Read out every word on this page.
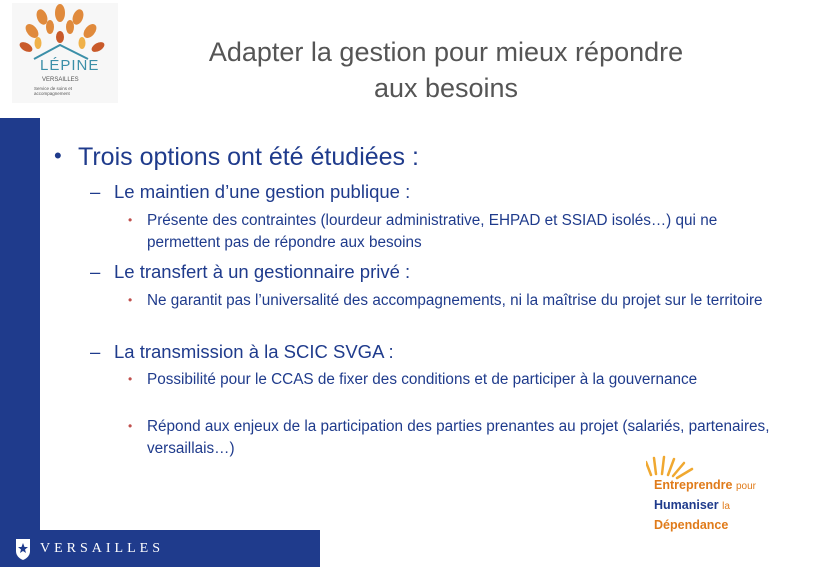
LÉPINE
VERSAILLES
Service de soins et accompagnement
Adapter la gestion pour mieux répondre
aux besoins
• Trois options ont été étudiées :
– Le maintien d’une gestion publique :
• Présente des contraintes (lourdeur administrative, EHPAD et SSIAD isolés…) qui ne permettent pas de répondre aux besoins
– Le transfert à un gestionnaire privé :
• Ne garantit pas l’universalité des accompagnements, ni la maîtrise du projet sur le territoire
– La transmission à la SCIC SVGA :
• Possibilité pour le CCAS de fixer des conditions et de participer à la gouvernance
• Répond aux enjeux de la participation des parties prenantes au projet (salariés, partenaires, versaillais…)
Entreprendre pour
Humaniser la
Dépendance
VERSAILLES
